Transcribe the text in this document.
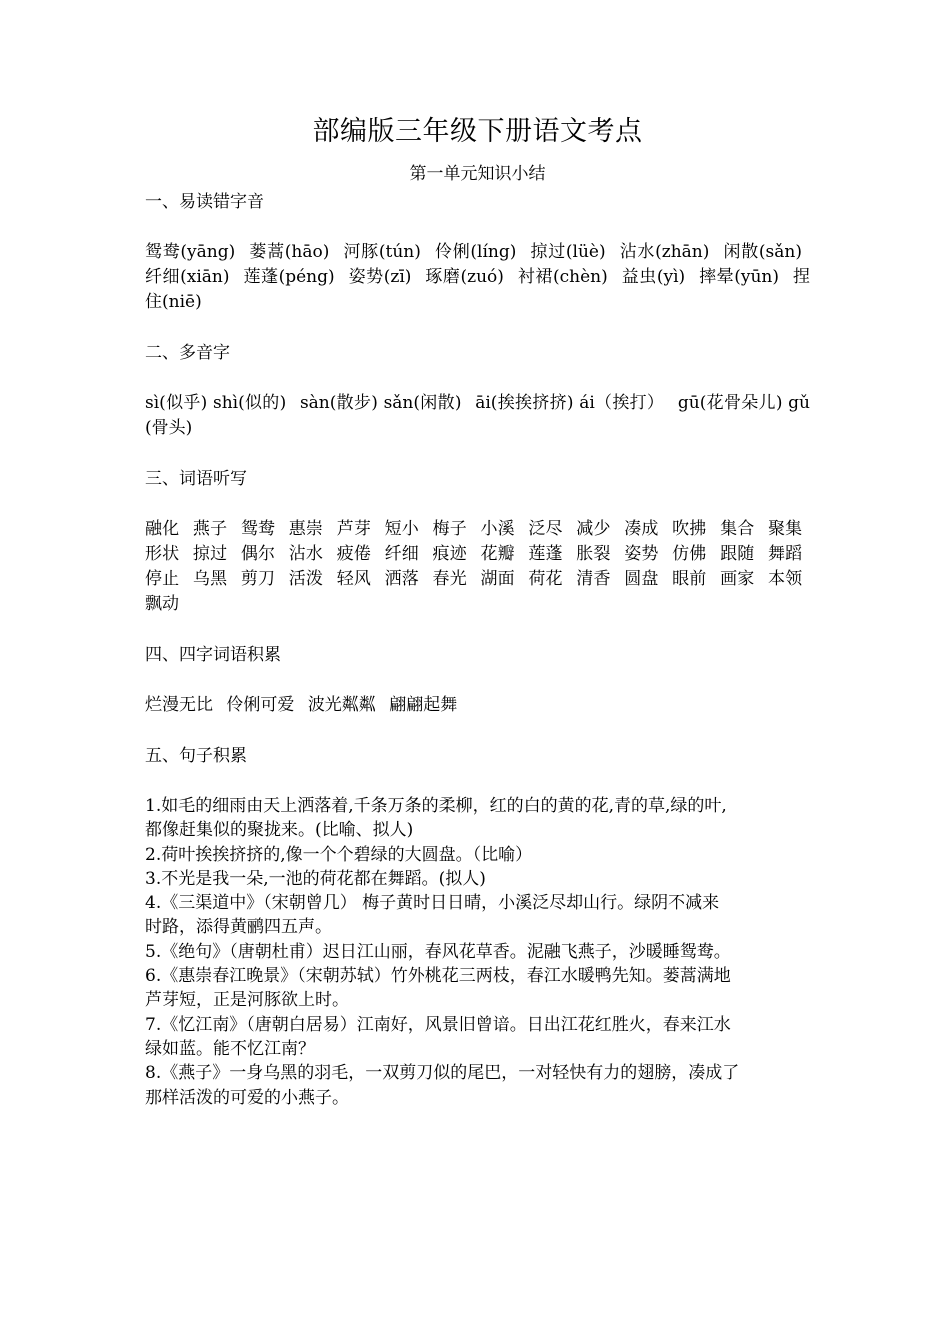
部编版三年级下册语文考点
第一单元知识小结
一、易读错字音
鸳鸯(yāng) 蒌蒿(hāo) 河豚(tún) 伶俐(líng) 掠过(lüè) 沾水(zhān) 闲散(sǎn) 纤细(xiān) 莲蓬(péng) 姿势(zī) 琢磨(zuó) 衬裙(chèn) 益虫(yì) 摔晕(yūn) 捏住(niē)
二、多音字
sì(似乎) shì(似的) sàn(散步) sǎn(闲散) āi(挨挨挤挤) ái（挨打） gū(花骨朵儿) gǔ(骨头)
三、词语听写
融化 燕子 鸳鸯 惠崇 芦芽 短小 梅子 小溪 泛尽 减少 凑成 吹拂 集合 聚集 形状 掠过 偶尔 沾水 疲倦 纤细 痕迹 花瓣 莲蓬 胀裂 姿势 仿佛 跟随 舞蹈 停止 乌黑 剪刀 活泼 轻风 洒落 春光 湖面 荷花 清香 圆盘 眼前 画家 本领 飘动
四、四字词语积累
烂漫无比 伶俐可爱 波光粼粼 翩翩起舞
五、句子积累
1.如毛的细雨由天上洒落着,千条万条的柔柳，红的白的黄的花,青的草,绿的叶,
都像赶集似的聚拢来。(比喻、拟人)
2.荷叶挨挨挤挤的,像一个个碧绿的大圆盘。（比喻）
3.不光是我一朵,一池的荷花都在舞蹈。(拟人)
4.《三渠道中》（宋朝曾几） 梅子黄时日日晴，小溪泛尽却山行。绿阴不减来
时路，添得黄鹂四五声。
5.《绝句》（唐朝杜甫）迟日江山丽，春风花草香。泥融飞燕子，沙暖睡鸳鸯。
6.《惠崇春江晚景》（宋朝苏轼）竹外桃花三两枝，春江水暖鸭先知。蒌蒿满地
芦芽短，正是河豚欲上时。
7.《忆江南》（唐朝白居易）江南好，风景旧曾谙。日出江花红胜火，春来江水
绿如蓝。能不忆江南？
8.《燕子》一身乌黑的羽毛，一双剪刀似的尾巴，一对轻快有力的翅膀，凑成了
那样活泼的可爱的小燕子。
